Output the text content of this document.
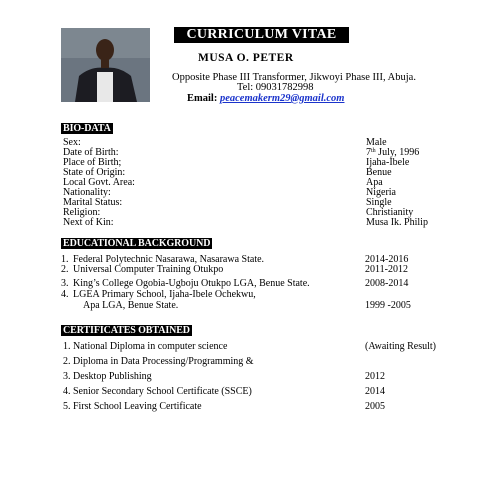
CURRICULUM VITAE
MUSA O. PETER
Opposite Phase III Transformer, Jikwoyi Phase III, Abuja.
Tel: 09031782998
Email: peacemakerm29@gmail.com
BIO-DATA
Sex:	Male
Date of Birth:	7th July, 1996
Place of Birth;	Ijaha-Ibele
State of Origin:	Benue
Local Govt. Area:	Apa
Nationality:	Nigeria
Marital Status:	Single
Religion:	Christianity
Next of Kin:	Musa Ik. Philip
EDUCATIONAL BACKGROUND
1. Federal Polytechnic Nasarawa, Nasarawa State.	2014-2016
2. Universal Computer Training Otukpo	2011-2012
3. King’s College Ogobia-Ugboju Otukpo LGA, Benue State.	2008-2014
4. LGEA Primary School, Ijaha-Ibele Ochekwu,
Apa LGA, Benue State.	1999 -2005
CERTIFICATES OBTAINED
1. National Diploma in computer science	(Awaiting Result)
2. Diploma in Data Processing/Programming &
3. Desktop Publishing	2012
4. Senior Secondary School Certificate (SSCE)	2014
5. First School Leaving Certificate	2005
